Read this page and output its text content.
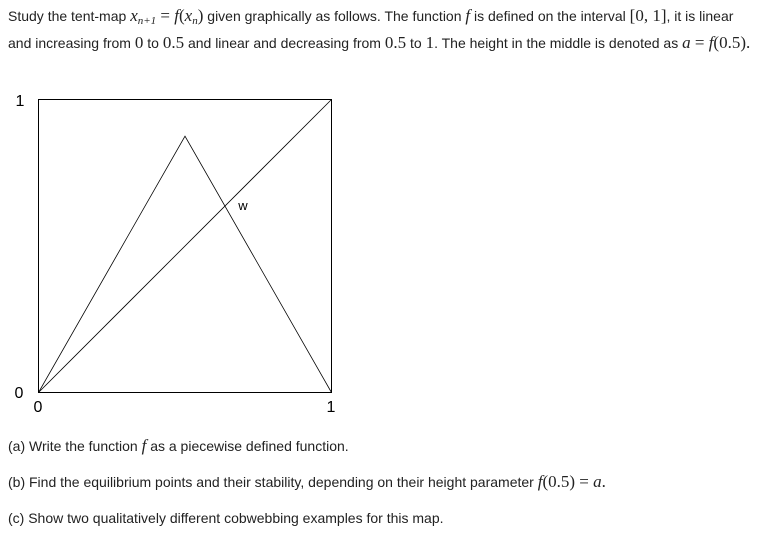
Study the tent-map $x_{n+1} = f(x_n)$ given graphically as follows. The function f is defined on the interval [0, 1], it is linear and increasing from 0 to 0.5 and linear and decreasing from 0.5 to 1. The height in the middle is denoted as a = f(0.5).
1
0
0	1
w
(a) Write the function f as a piecewise defined function.
(b) Find the equilibrium points and their stability, depending on their height parameter f(0.5) = a.
(c) Show two qualitatively different cobwebbing examples for this map.
